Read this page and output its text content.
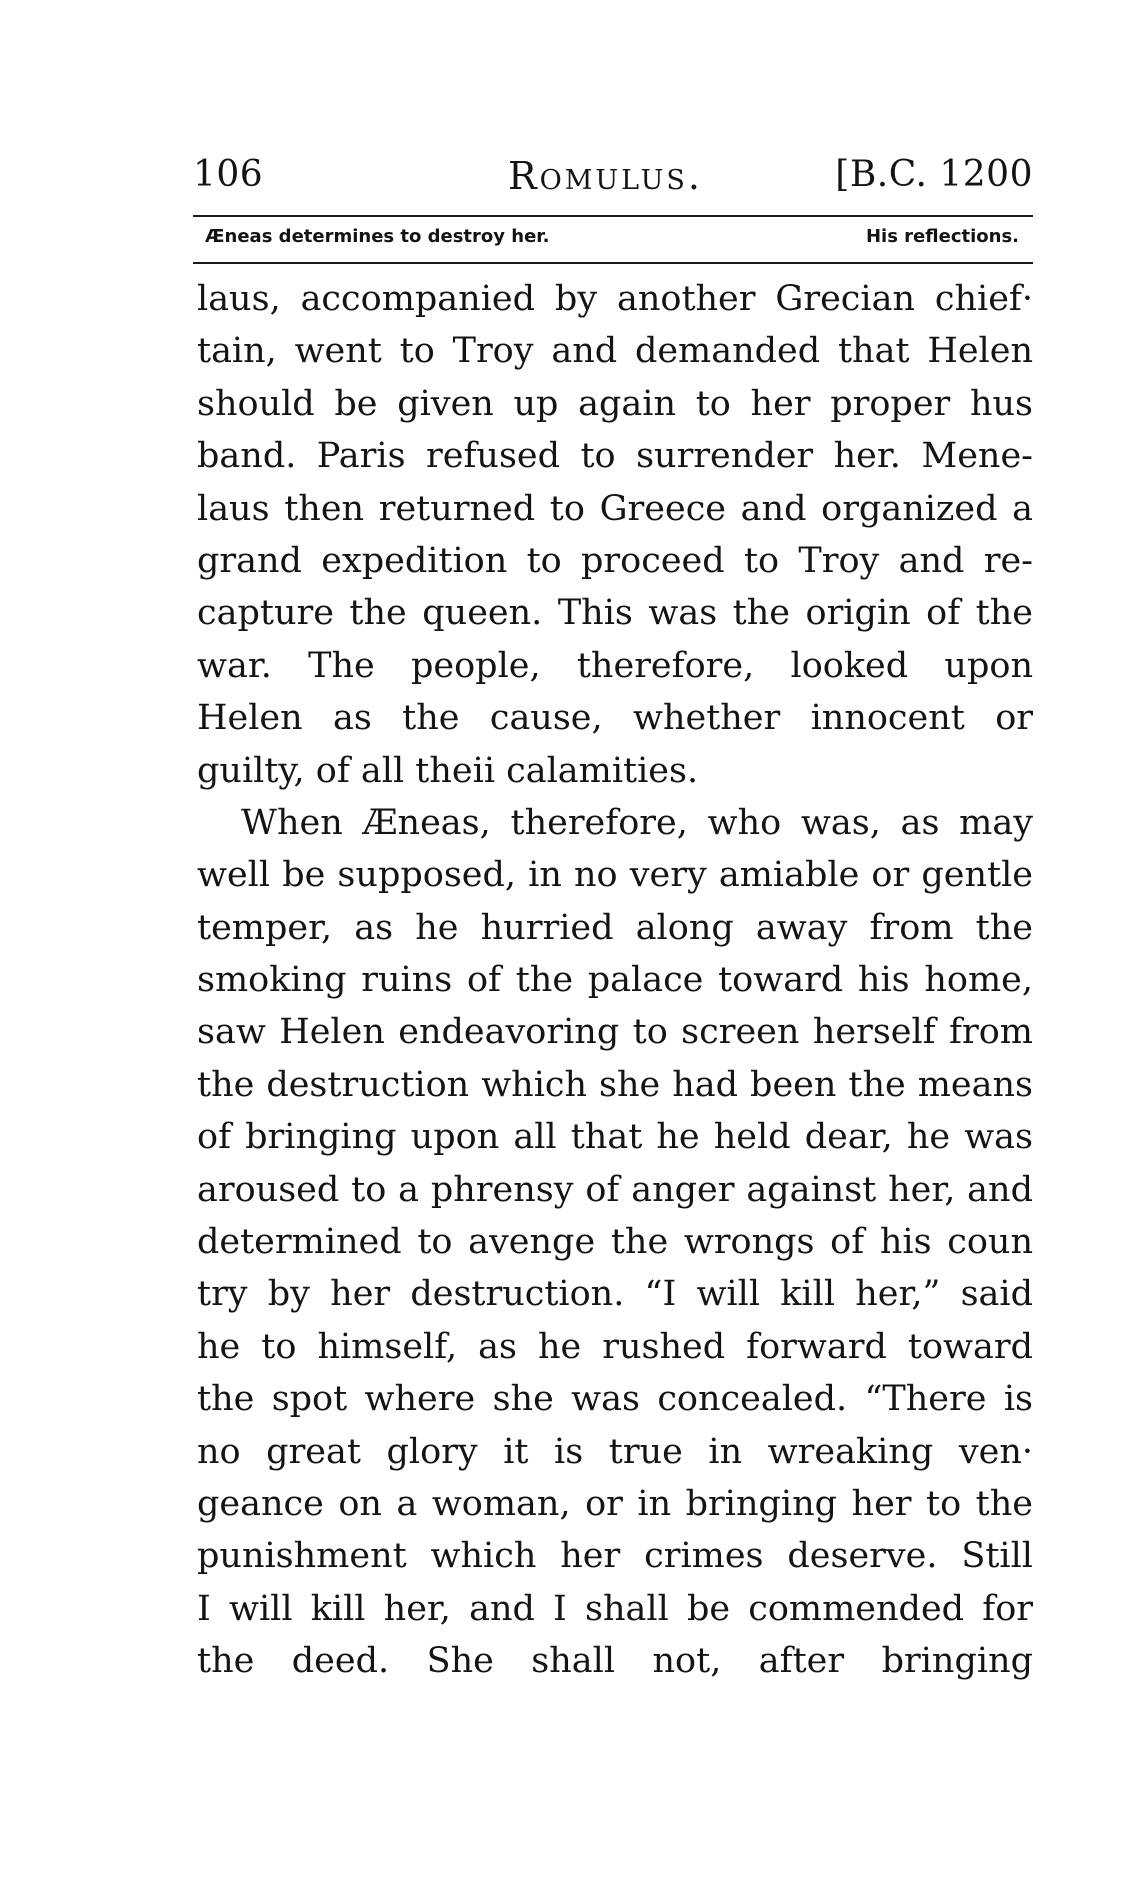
106	Romulus.	[B.C. 1200
Æneas determines to destroy her.	His reflections.
laus, accompanied by another Grecian chief·
tain, went to Troy and demanded that Helen
should be given up again to her proper hus
band. Paris refused to surrender her. Mene-
laus then returned to Greece and organized a
grand expedition to proceed to Troy and re-
capture the queen. This was the origin of the
war. The people, therefore, looked upon
Helen as the cause, whether innocent or
guilty, of all theii calamities.
When Æneas, therefore, who was, as may
well be supposed, in no very amiable or gentle
temper, as he hurried along away from the
smoking ruins of the palace toward his home,
saw Helen endeavoring to screen herself from
the destruction which she had been the means
of bringing upon all that he held dear, he was
aroused to a phrensy of anger against her, and
determined to avenge the wrongs of his coun
try by her destruction. “I will kill her,” said
he to himself, as he rushed forward toward
the spot where she was concealed. “There is
no great glory it is true in wreaking ven·
geance on a woman, or in bringing her to the
punishment which her crimes deserve. Still
I will kill her, and I shall be commended for
the deed. She shall not, after bringing
